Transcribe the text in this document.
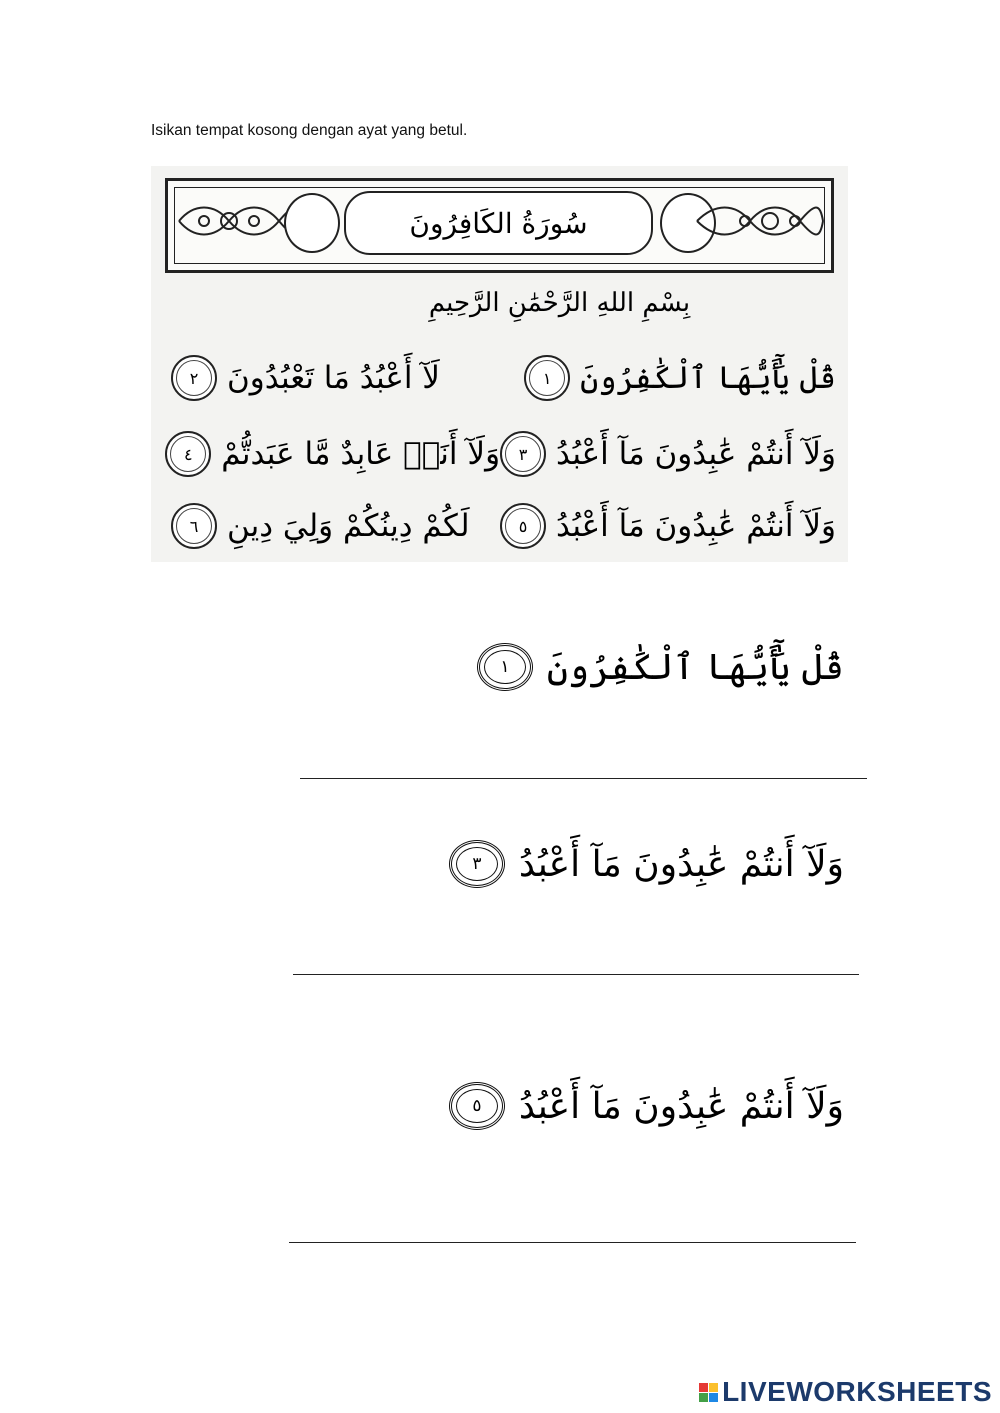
Isikan tempat kosong dengan ayat yang betul.
سُورَةُ الكَافِرُونَ
بِسْمِ اللهِ الرَّحْمَٰنِ الرَّحِيمِ
قُلْ يَٰٓأَيُّهَا ٱلْكَٰفِرُونَ
١
لَآ أَعْبُدُ مَا تَعْبُدُونَ
٢
وَلَآ أَنتُمْ عَٰبِدُونَ مَآ أَعْبُدُ
٣
وَلَآ أَنَا۠ عَابِدٌ مَّا عَبَدتُّمْ
٤
وَلَآ أَنتُمْ عَٰبِدُونَ مَآ أَعْبُدُ
٥
لَكُمْ دِينُكُمْ وَلِيَ دِينِ
٦
قُلْ يَٰٓأَيُّهَا ٱلْكَٰفِرُونَ
١
وَلَآ أَنتُمْ عَٰبِدُونَ مَآ أَعْبُدُ
٣
وَلَآ أَنتُمْ عَٰبِدُونَ مَآ أَعْبُدُ
٥
LIVEWORKSHEETS
